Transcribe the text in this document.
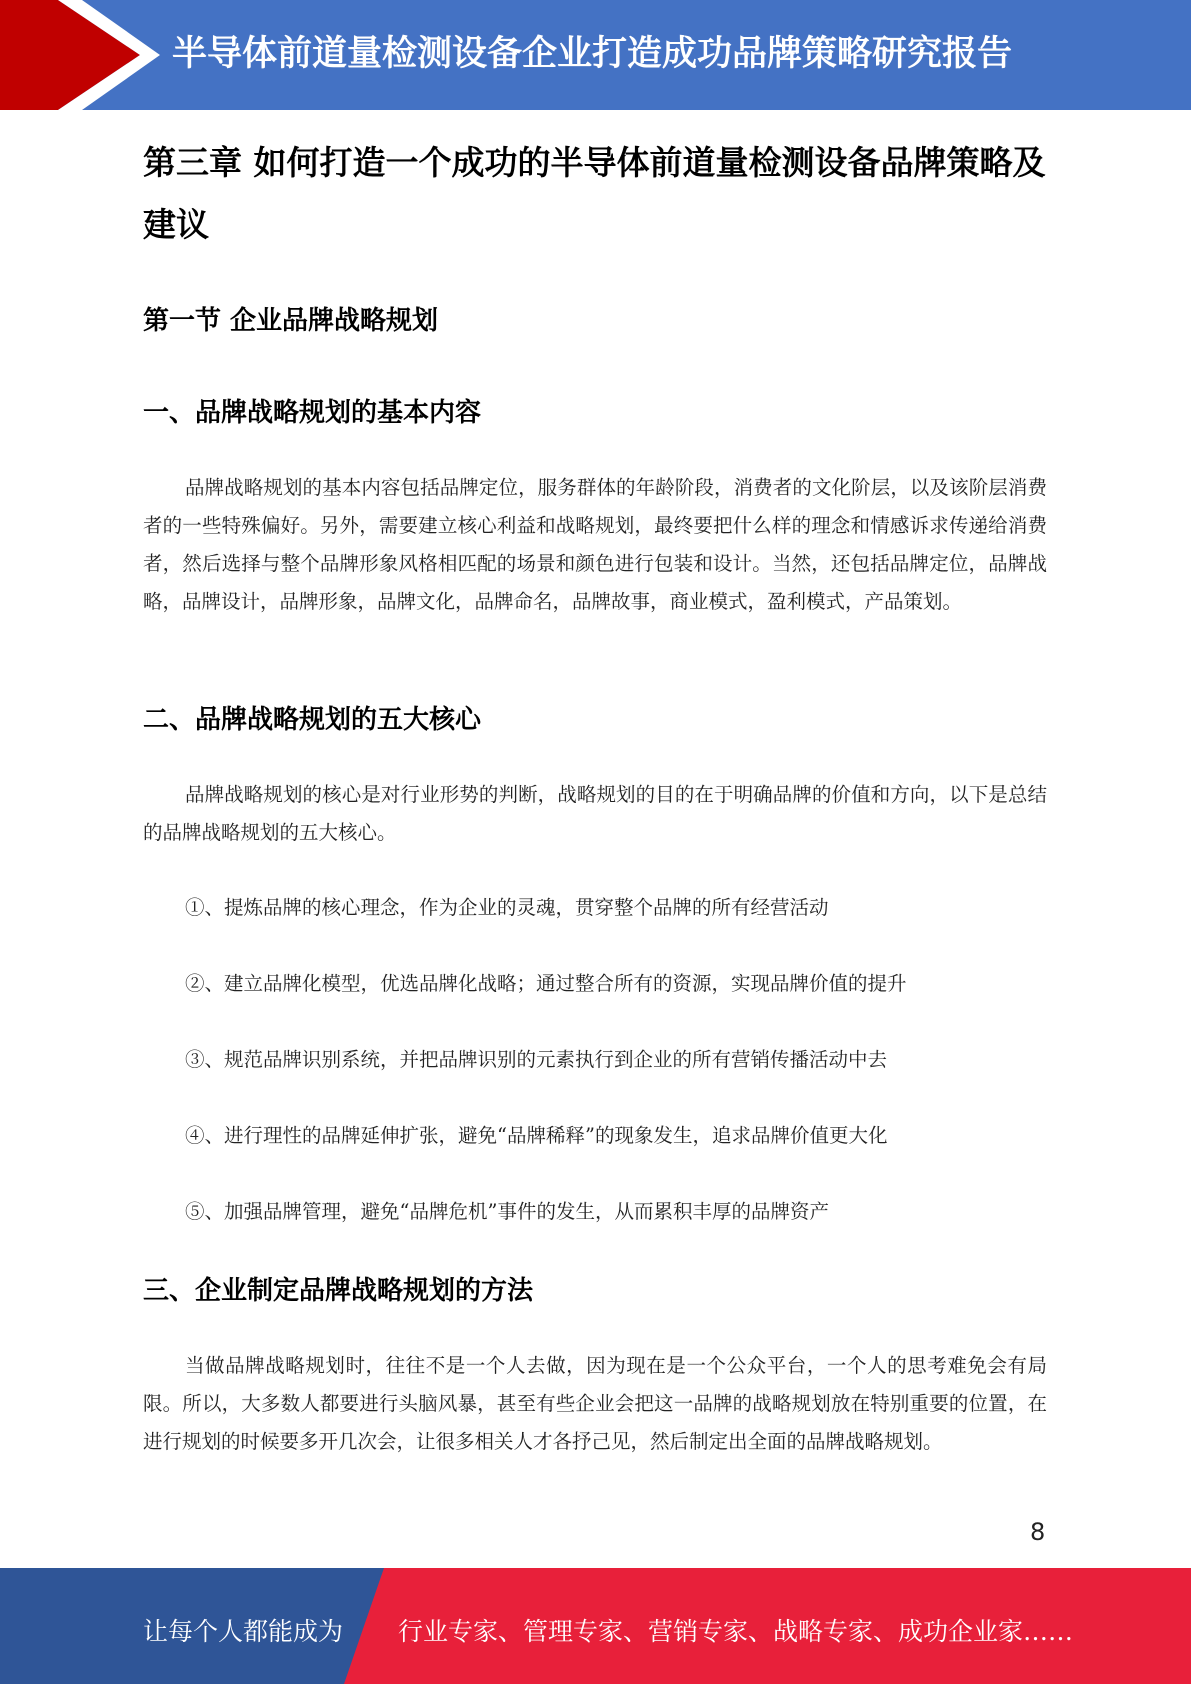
半导体前道量检测设备企业打造成功品牌策略研究报告
第三章 如何打造一个成功的半导体前道量检测设备品牌策略及建议
第一节 企业品牌战略规划
一、品牌战略规划的基本内容

品牌战略规划的基本内容包括品牌定位，服务群体的年龄阶段，消费者的文化阶层，以及该阶层消费者的一些特殊偏好。另外，需要建立核心利益和战略规划，最终要把什么样的理念和情感诉求传递给消费者，然后选择与整个品牌形象风格相匹配的场景和颜色进行包装和设计。当然，还包括品牌定位，品牌战略，品牌设计，品牌形象，品牌文化，品牌命名，品牌故事，商业模式，盈利模式，产品策划。

二、品牌战略规划的五大核心

品牌战略规划的核心是对行业形势的判断，战略规划的目的在于明确品牌的价值和方向，以下是总结的品牌战略规划的五大核心。

①、提炼品牌的核心理念，作为企业的灵魂，贯穿整个品牌的所有经营活动

②、建立品牌化模型，优选品牌化战略；通过整合所有的资源，实现品牌价值的提升

③、规范品牌识别系统，并把品牌识别的元素执行到企业的所有营销传播活动中去

④、进行理性的品牌延伸扩张，避免“品牌稀释”的现象发生，追求品牌价值更大化

⑤、加强品牌管理，避免“品牌危机”事件的发生，从而累积丰厚的品牌资产

三、企业制定品牌战略规划的方法

当做品牌战略规划时，往往不是一个人去做，因为现在是一个公众平台，一个人的思考难免会有局限。所以，大多数人都要进行头脑风暴，甚至有些企业会把这一品牌的战略规划放在特别重要的位置，在进行规划的时候要多开几次会，让很多相关人才各抒己见，然后制定出全面的品牌战略规划。

8
让每个人都能成为 行业专家、管理专家、营销专家、战略专家、成功企业家……
